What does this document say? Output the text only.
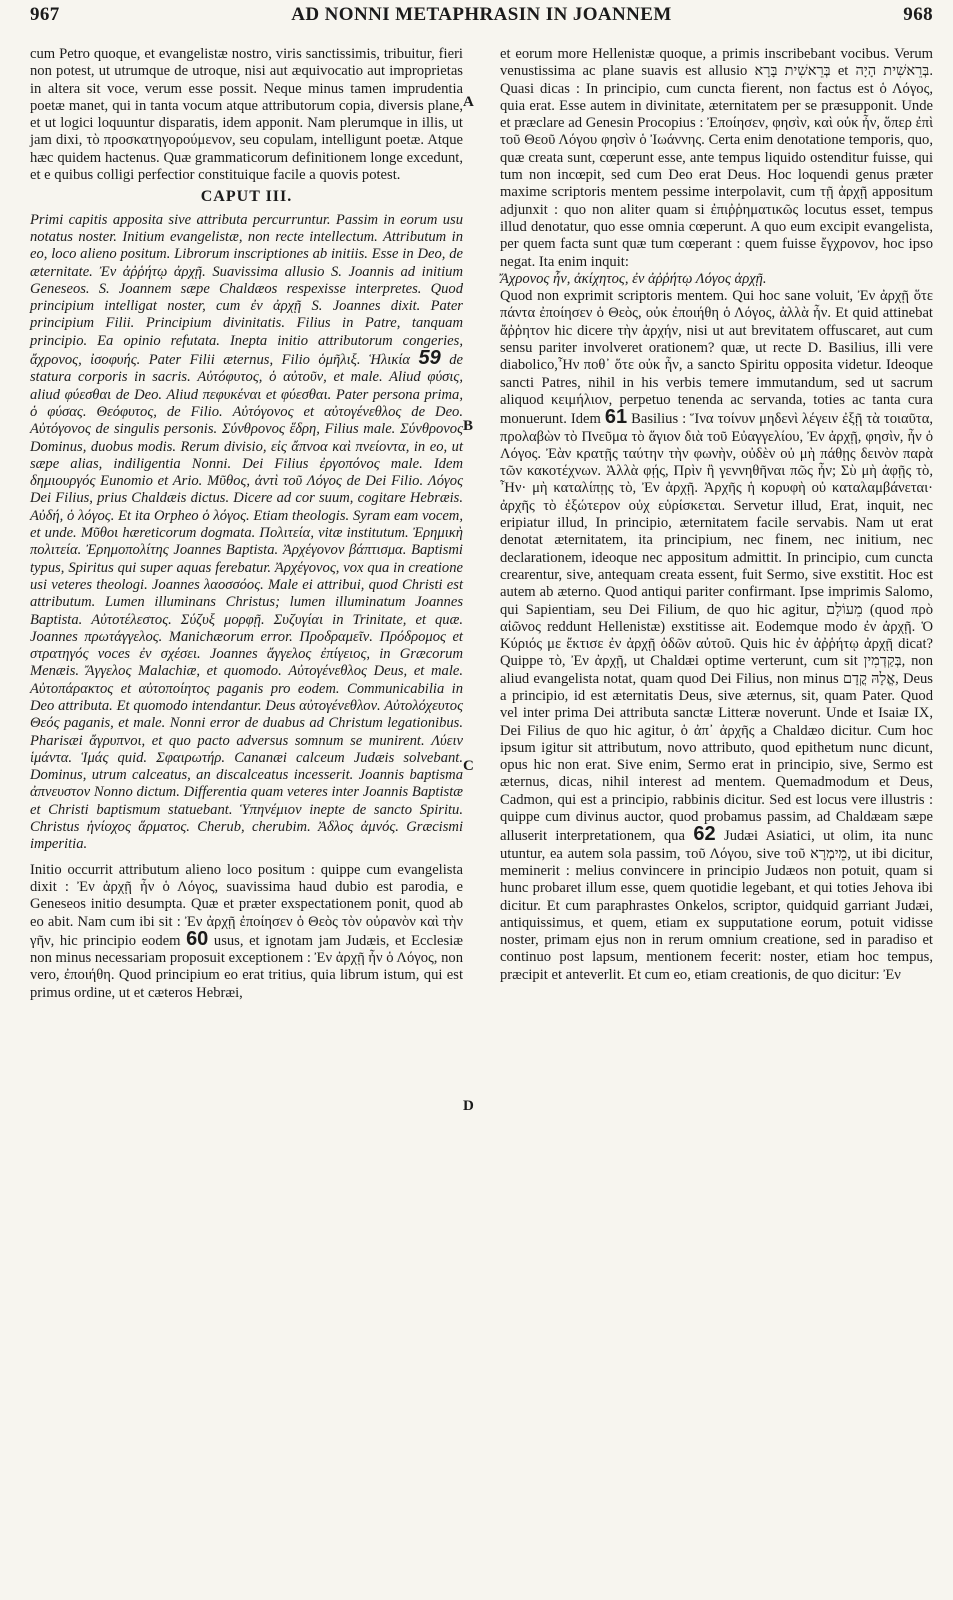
967	AD NONNI METAPHRASIN IN JOANNEM	968
A
B
C
D

cum Petro quoque, et evangelistæ nostro, viris sanctissimis, tribuitur, fieri non potest, ut utrumque de utroque, nisi aut æquivocatio aut improprietas in altera sit voce, verum esse possit. Neque minus tamen imprudentia poetæ manet, qui in tanta vocum atque attributorum copia, diversis plane, et ut logici loquuntur disparatis, idem apponit. Nam plerumque in illis, ut jam dixi, τὸ προσκατηγορούμενον, seu copulam, intelligunt poetæ. Atque hæc quidem hactenus. Quæ grammaticorum definitionem longe excedunt, et e quibus colligi perfectior constituique facile a quovis potest.

CAPUT III.

Primi capitis apposita sive attributa percurruntur. Passim in eorum usu notatus noster. Initium evangelistæ, non recte intellectum. Attributum in eo, loco alieno positum. Librorum inscriptiones ab initiis. Esse in Deo, de æternitate. Ἐν ἀῤῥήτῳ ἀρχῇ. Suavissima allusio S. Joannis ad initium Geneseos. S. Joannem sæpe Chaldæos respexisse interpretes. Quod principium intelligat noster, cum ἐν ἀρχῇ S. Joannes dixit. Pater principium Filii. Principium divinitatis. Filius in Patre, tanquam principio. Ea opinio refutata. Inepta initio attributorum congeries, ἄχρονος, ἰσοφυής. Pater Filii æternus, Filio ὁμῆλιξ. Ἡλικία 59 de statura corporis in sacris. Αὐτόφυτος, ὁ αὐτοῦν, et male. Aliud φύσις, aliud φύεσθαι de Deo. Aliud πεφυκέναι et φύεσθαι. Pater persona prima, ὁ φύσας. Θεόφυτος, de Filio. Αὐτόγονος et αὐτογένεθλος de Deo. Αὐτόγονος de singulis personis. Σύνθρονος ἕδρη, Filius male. Σύνθρονος Dominus, duobus modis. Rerum divisio, εἰς ἄπνοα καὶ πνείοντα, in eo, ut sæpe alias, indiligentia Nonni. Dei Filius ἐργοπόνος male. Idem δημιουργός Eunomio et Ario. Μῦθος, ἀντὶ τοῦ Λόγος de Dei Filio. Λόγος Dei Filius, prius Chaldæis dictus. Dicere ad cor suum, cogitare Hebræis. Αὐδή, ὁ λόγος. Et ita Orpheo ὁ λόγος. Etiam theologis. Syram eam vocem, et unde. Μῦθοι hæreticorum dogmata. Πολιτεία, vitæ institutum. Ἐρημικὴ πολιτεία. Ἐρημοπολίτης Joannes Baptista. Ἀρχέγονον βάπτισμα. Baptismi typus, Spiritus qui super aquas ferebatur. Ἀρχέγονος, vox qua in creatione usi veteres theologi. Joannes λαοσσόος. Male ei attribui, quod Christi est attributum. Lumen illuminans Christus; lumen illuminatum Joannes Baptista. Αὐτοτέλεστος. Σύζυξ μορφῇ. Συζυγίαι in Trinitate, et quæ. Joannes πρωτάγγελος. Manichæorum error. Προδραμεῖν. Πρόδρομος et στρατηγός voces ἐν σχέσει. Joannes ἄγγελος ἐπίγειος, in Græcorum Menæis. Ἄγγελος Malachiæ, et quomodo. Αὐτογένεθλος Deus, et male. Αὐτοπάρακτος et αὐτοποίητος paganis pro eodem. Communicabilia in Deo attributa. Et quomodo intendantur. Deus αὐτογένεθλον. Αὐτολόχευτος Θεός paganis, et male. Nonni error de duabus ad Christum legationibus. Pharisæi ἄγρυπνοι, et quo pacto adversus somnum se munirent. Λύειν ἱμάντα. Ἱμάς quid. Σφαιρωτήρ. Cananæi calceum Judæis solvebant. Dominus, utrum calceatus, an discalceatus incesserit. Joannis baptisma ἀπνευστον Nonno dictum. Differentia quam veteres inter Joannis Baptistæ et Christi baptismum statuebant. Ὑπηνέμιον inepte de sancto Spiritu. Christus ἡνίοχος ἅρματος. Cherub, cherubim. Ἀδλος ἀμνός. Græcismi imperitia.

Initio occurrit attributum alieno loco positum : quippe cum evangelista dixit : Ἐν ἀρχῇ ἦν ὁ Λόγος, suavissima haud dubio est parodia, e Geneseos initio desumpta. Quæ et præter exspectationem ponit, quod ab eo abit. Nam cum ibi sit : Ἐν ἀρχῇ ἐποίησεν ὁ Θεὸς τὸν οὐρανὸν καὶ τὴν γῆν, hic principio eodem 60 usus, et ignotam jam Judæis, et Ecclesiæ non minus necessariam proposuit exceptionem : Ἐν ἀρχῇ ἦν ὁ Λόγος, non vero, ἐποιήθη. Quod principium eo erat tritius, quia librum istum, qui est primus ordine, ut et cæteros Hebræi,

et eorum more Hellenistæ quoque, a primis inscribebant vocibus. Verum venustissima ac plane suavis est allusio בְּרֵאשִׁית בָּרָא et בְּרֵאשִׁית הָיָה. Quasi dicas : In principio, cum cuncta fierent, non factus est ὁ Λόγος, quia erat. Esse autem in divinitate, æternitatem per se præsupponit. Unde et præclare ad Genesin Procopius : Ἐποίησεν, φησὶν, καὶ οὐκ ἦν, ὅπερ ἐπὶ τοῦ Θεοῦ Λόγου φησὶν ὁ Ἰωάννης. Certa enim denotatione temporis, quo, quæ creata sunt, cœperunt esse, ante tempus liquido ostenditur fuisse, qui tum non incœpit, sed cum Deo erat Deus. Hoc loquendi genus præter maxime scriptoris mentem pessime interpolavit, cum τῇ ἀρχῇ appositum adjunxit : quo non aliter quam si ἐπιῤῥηματικῶς locutus esset, tempus illud denotatur, quo esse omnia cœperunt. A quo eum excipit evangelista, per quem facta sunt quæ tum cœperant : quem fuisse ἔγχρονον, hoc ipso negat. Ita enim inquit:

Ἄχρονος ἦν, ἀκίχητος, ἐν ἀῤῥήτῳ Λόγος ἀρχῇ.

Quod non exprimit scriptoris mentem. Qui hoc sane voluit, Ἐν ἀρχῇ ὅτε πάντα ἐποίησεν ὁ Θεὸς, οὐκ ἐποιήθη ὁ Λόγος, ἀλλὰ ἦν. Et quid attinebat ἄῤῥητον hic dicere τὴν ἀρχήν, nisi ut aut brevitatem offuscaret, aut cum sensu pariter involveret orationem? quæ, ut recte D. Basilius, illi vere diabolico,Ἦν ποθ᾽ ὅτε οὐκ ἦν, a sancto Spiritu opposita videtur. Ideoque sancti Patres, nihil in his verbis temere immutandum, sed ut sacrum aliquod κειμήλιον, perpetuo tenenda ac servanda, toties ac tanta cura monuerunt. Idem 61 Basilius : Ἵνα τοίνυν μηδενὶ λέγειν ἐξῇ τὰ τοιαῦτα, προλαβὼν τὸ Πνεῦμα τὸ ἅγιον διὰ τοῦ Εὐαγγελίου, Ἐν ἀρχῇ, φησὶν, ἦν ὁ Λόγος. Ἐὰν κρατῇς ταύτην τὴν φωνὴν, οὐδὲν οὐ μὴ πάθῃς δεινὸν παρὰ τῶν κακοτέχνων. Ἀλλὰ φῄς, Πρὶν ἢ γεννηθῆναι πῶς ἦν; Σὺ μὴ ἀφῇς τὸ, Ἦν· μὴ καταλίπῃς τὸ, Ἐν ἀρχῇ. Ἀρχῆς ἡ κορυφὴ οὐ καταλαμβάνεται· ἀρχῆς τὸ ἐξώτερον οὐχ εὑρίσκεται. Servetur illud, Erat, inquit, nec eripiatur illud, In principio, æternitatem facile servabis. Nam ut erat denotat æternitatem, ita principium, nec finem, nec initium, nec declarationem, ideoque nec appositum admittit. In principio, cum cuncta crearentur, sive, antequam creata essent, fuit Sermo, sive exstitit. Hoc est autem ab æterno. Quod antiqui pariter confirmant. Ipse imprimis Salomo, qui Sapientiam, seu Dei Filium, de quo hic agitur, מֵעוֹלָם (quod πρὸ αἰῶνος reddunt Hellenistæ) exstitisse ait. Eodemque modo ἐν ἀρχῇ. Ὁ Κύριός με ἔκτισε ἐν ἀρχῇ ὁδῶν αὐτοῦ. Quis hic ἐν ἀῤῥήτῳ ἀρχῇ dicat? Quippe τὸ, Ἐν ἀρχῇ, ut Chaldæi optime verterunt, cum sit בְּקַדְמִין, non aliud evangelista notat, quam quod Dei Filius, non minus אֱלָהּ קֳדָם, Deus a principio, id est æternitatis Deus, sive æternus, sit, quam Pater. Quod vel inter prima Dei attributa sanctæ Litteræ noverunt. Unde et Isaiæ IX, Dei Filius de quo hic agitur, ὁ ἀπ᾽ ἀρχῆς a Chaldæo dicitur. Cum hoc ipsum igitur sit attributum, novo attributo, quod epithetum nunc dicunt, opus hic non erat. Sive enim, Sermo erat in principio, sive, Sermo est æternus, dicas, nihil interest ad mentem. Quemadmodum et Deus, Cadmon, qui est a principio, rabbinis dicitur. Sed est locus vere illustris : quippe cum divinus auctor, quod probamus passim, ad Chaldæam sæpe alluserit interpretationem, qua 62 Judæi Asiatici, ut olim, ita nunc utuntur, ea autem sola passim, τοῦ Λόγου, sive τοῦ מֵימְרָא, ut ibi dicitur, meminerit : melius convincere in principio Judæos non potuit, quam si hunc probaret illum esse, quem quotidie legebant, et qui toties Jehova ibi dicitur. Et cum paraphrastes Onkelos, scriptor, quidquid garriant Judæi, antiquissimus, et quem, etiam ex supputatione eorum, potuit vidisse noster, primam ejus non in rerum omnium creatione, sed in paradiso et continuo post lapsum, mentionem fecerit: noster, etiam hoc tempus, præcipit et anteverlit. Et cum eo, etiam creationis, de quo dicitur: Ἐν
